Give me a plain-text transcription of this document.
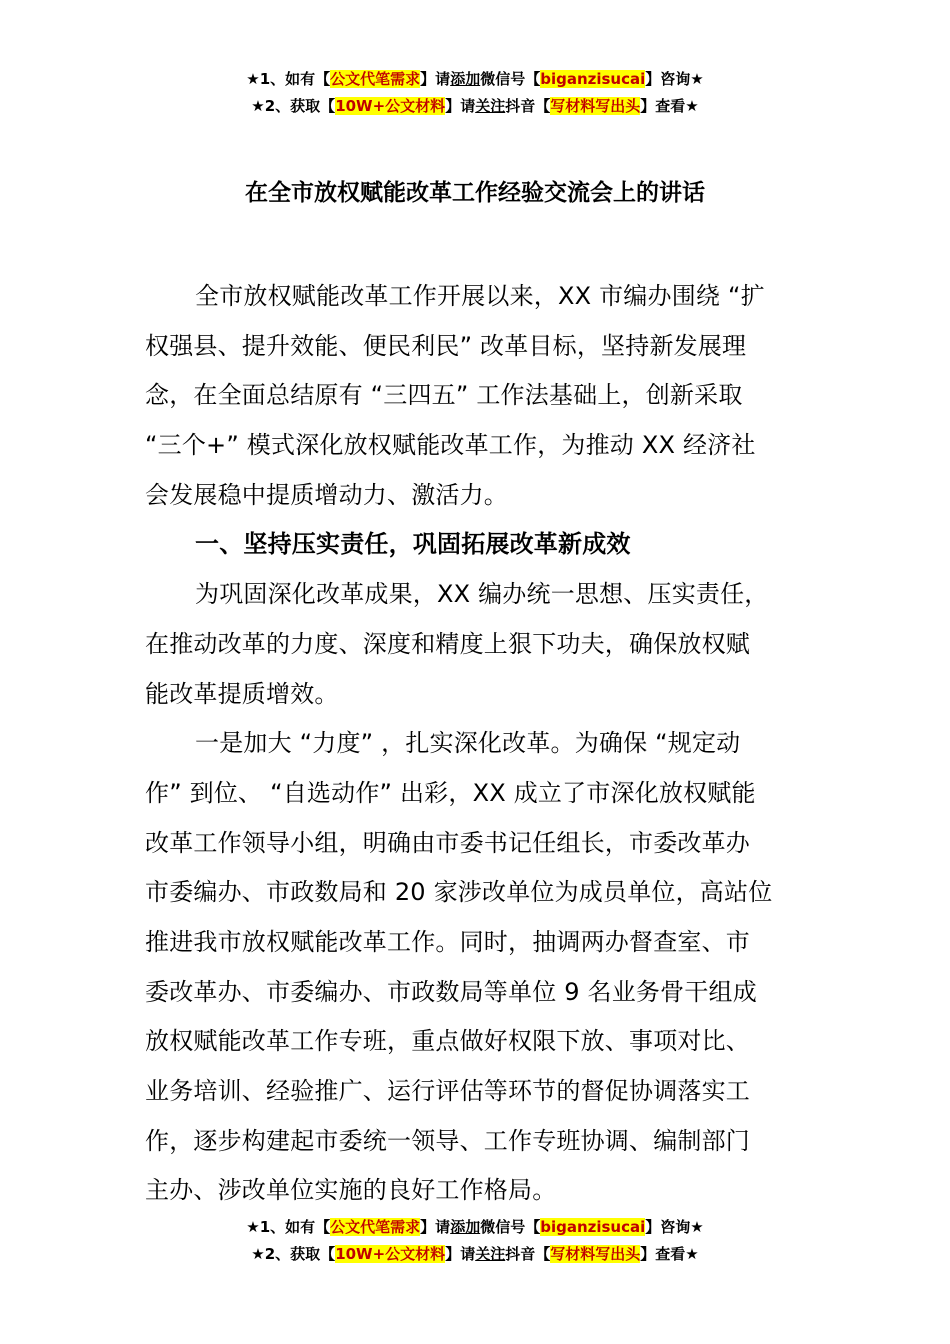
★1、如有【公文代笔需求】请添加微信号【biganzisucai】咨询★
★2、获取【10W+公文材料】请关注抖音【写材料写出头】查看★
在全市放权赋能改革工作经验交流会上的讲话
全市放权赋能改革工作开展以来，XX 市编办围绕 “扩
权强县、提升效能、便民利民” 改革目标，坚持新发展理
念，在全面总结原有 “三四五” 工作法基础上，创新采取
“三个+” 模式深化放权赋能改革工作，为推动 XX 经济社
会发展稳中提质增动力、激活力。
一、坚持压实责任，巩固拓展改革新成效
为巩固深化改革成果，XX 编办统一思想、压实责任，
在推动改革的力度、深度和精度上狠下功夫，确保放权赋
能改革提质增效。
一是加大 “力度” ，扎实深化改革。为确保 “规定动
作” 到位、 “自选动作” 出彩，XX 成立了市深化放权赋能
改革工作领导小组，明确由市委书记任组长，市委改革办
市委编办、市政数局和 20 家涉改单位为成员单位，高站位
推进我市放权赋能改革工作。同时，抽调两办督查室、市
委改革办、市委编办、市政数局等单位 9 名业务骨干组成
放权赋能改革工作专班，重点做好权限下放、事项对比、
业务培训、经验推广、运行评估等环节的督促协调落实工
作，逐步构建起市委统一领导、工作专班协调、编制部门
主办、涉改单位实施的良好工作格局。
★1、如有【公文代笔需求】请添加微信号【biganzisucai】咨询★
★2、获取【10W+公文材料】请关注抖音【写材料写出头】查看★
